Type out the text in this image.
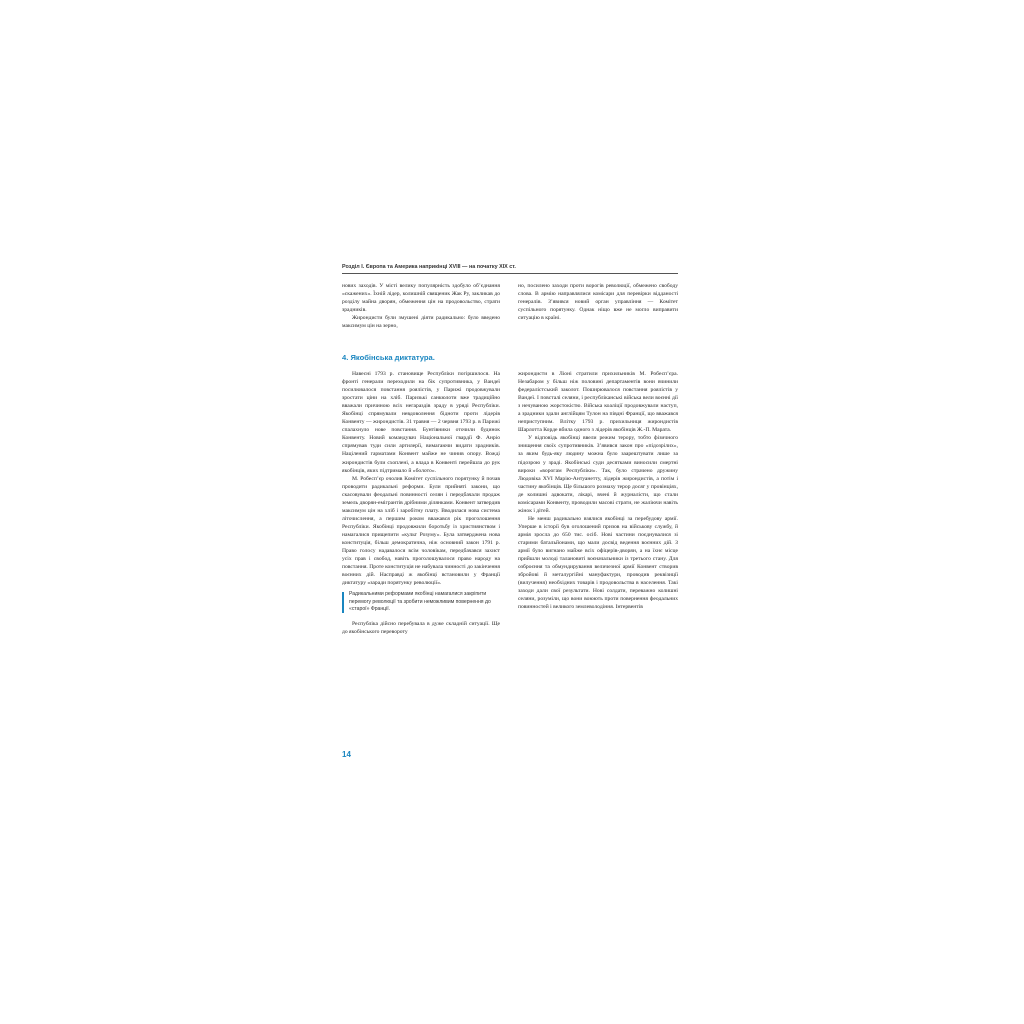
Розділ І. Європа та Америка наприкінці XVIII — на початку XIX ст.

нових заходів. У місті велику популярність здобуло об’єднання «скажених». Їхній лідер, колишній священик Жак Ру, закликав до розділу майна дворян, обмеження цін на продовольство, страти зрадників.

Жирондисти були змушені діяти радикально: було введено максимум цін на зерно,

но, посилено заходи проти ворогів революції, обмежено свободу слова. В армію направлялися комісари для перевірки відданості генералів. З’явився новий орган управління — Комітет суспільного порятунку. Однак ніщо вже не могло виправити ситуацію в країні.

4. Якобінська диктатура.

Навесні 1793 р. становище Республіки погіршилося. На фронті генерали переходили на бік супротивника, у Вандеї посилювалося повстання роялістів, у Парижі продовжували зростати ціни на хліб. Паризькі санкюлоти вже традиційно вважали причиною всіх негараздів зраду в уряді Республіки. Якобінці спрямували невдоволення бідноти проти лідерів Конвенту — жирондистів. 31 травня — 2 червня 1793 р. в Парижі спалахнуло нове повстання. Бунтівники оточили будинок Конвенту. Новий командувач Національної гвардії Ф. Анріо спрямував туди сили артилерії, вимагаючи видати зрадників. Націлений гарматами Конвент майже не чинив опору. Вожді жирондистів були схоплені, а влада в Конвенті перейшла до рук якобінців, яких підтримало й «болото».

М. Робесп’єр очолив Комітет суспільного порятунку й почав проводити радикальні реформи. Були прийняті закони, що скасовували феодальні повинності селян і передбачали продаж земель дворян-емігрантів дрібними ділянками. Конвент затвердив максимум цін на хліб і заробітну плату. Вводилася нова система літочислення, а першим роком вважався рік проголошення Республіки. Якобінці продовжили боротьбу із християнством і намагалися прищепити «культ Розуму». Була затверджена нова конституція, більш демократична, ніж основний закон 1791 р. Право голосу надавалося всім чоловікам, передбачався захист усіх прав і свобод, навіть проголошувалося право народу на повстання. Проте конституція не набувала чинності до закінчення воєнних дій. Насправді ж якобінці встановили у Франції диктатуру «заради порятунку революції».

Радикальними реформами якобінці намагалися закріпити перемогу революції та зробити неможливим повернення до «старої» Франції.

Республіка дійсно перебувала в дуже складній ситуації. Ще до якобінського перевороту

жирондисти в Ліоні стратили прихильників М. Робесп’єра. Незабаром у більш ніж половині департаментів вони вчинили федералістський заколот. Поширювалося повстання роялістів у Вандеї. І повсталі селяни, і республіканські війська вели воєнні дії з нечуваною жорстокістю. Війська коаліції продовжували наступ, а зрадники здали англійцям Тулон на півдні Франції, що вважався неприступним. Влітку 1793 р. прихильниця жирондистів Шарлотта Корде вбила одного з лідерів якобінців Ж.-П. Марата.

У відповідь якобінці ввели режим терору, тобто фізичного знищення своїх супротивників. З’явився закон про «підозрілих», за яким будь-яку людину можна було заарештувати лише за підозрою у зраді. Якобінські суди десятками виносили смертні вироки «ворогам Республіки». Так, було страчено дружину Людовіка XVI Марію-Антуанетту, лідерів жирондистів, а потім і частину якобінців. Ще більшого розмаху терор досяг у провінціях, де колишні адвокати, лікарі, вчені й журналісти, що стали комісарами Конвенту, проводили масові страти, не жаліючи навіть жінок і дітей.

Не менш радикально взялися якобінці за перебудову армії. Уперше в історії був оголошений призов на військову службу, й армія зросла до 650 тис. осіб. Нові частини поєднувалися зі старими батальйонами, що мали досвід ведення воєнних дій. З армії було вигнано майже всіх офіцерів-дворян, а на їхнє місце прийшли молоді талановиті воєначальники із третього стану. Для озброєння та обмундирування величезної армії Конвент створив збройові й металургійні мануфактури, проводив реквізиції (вилучення) необхідних товарів і продовольства в населення. Такі заходи дали свої результати. Нові солдати, переважно колишні селяни, розуміли, що вони воюють проти повернення феодальних повинностей і великого землеволодіння. Інтервентів

14
